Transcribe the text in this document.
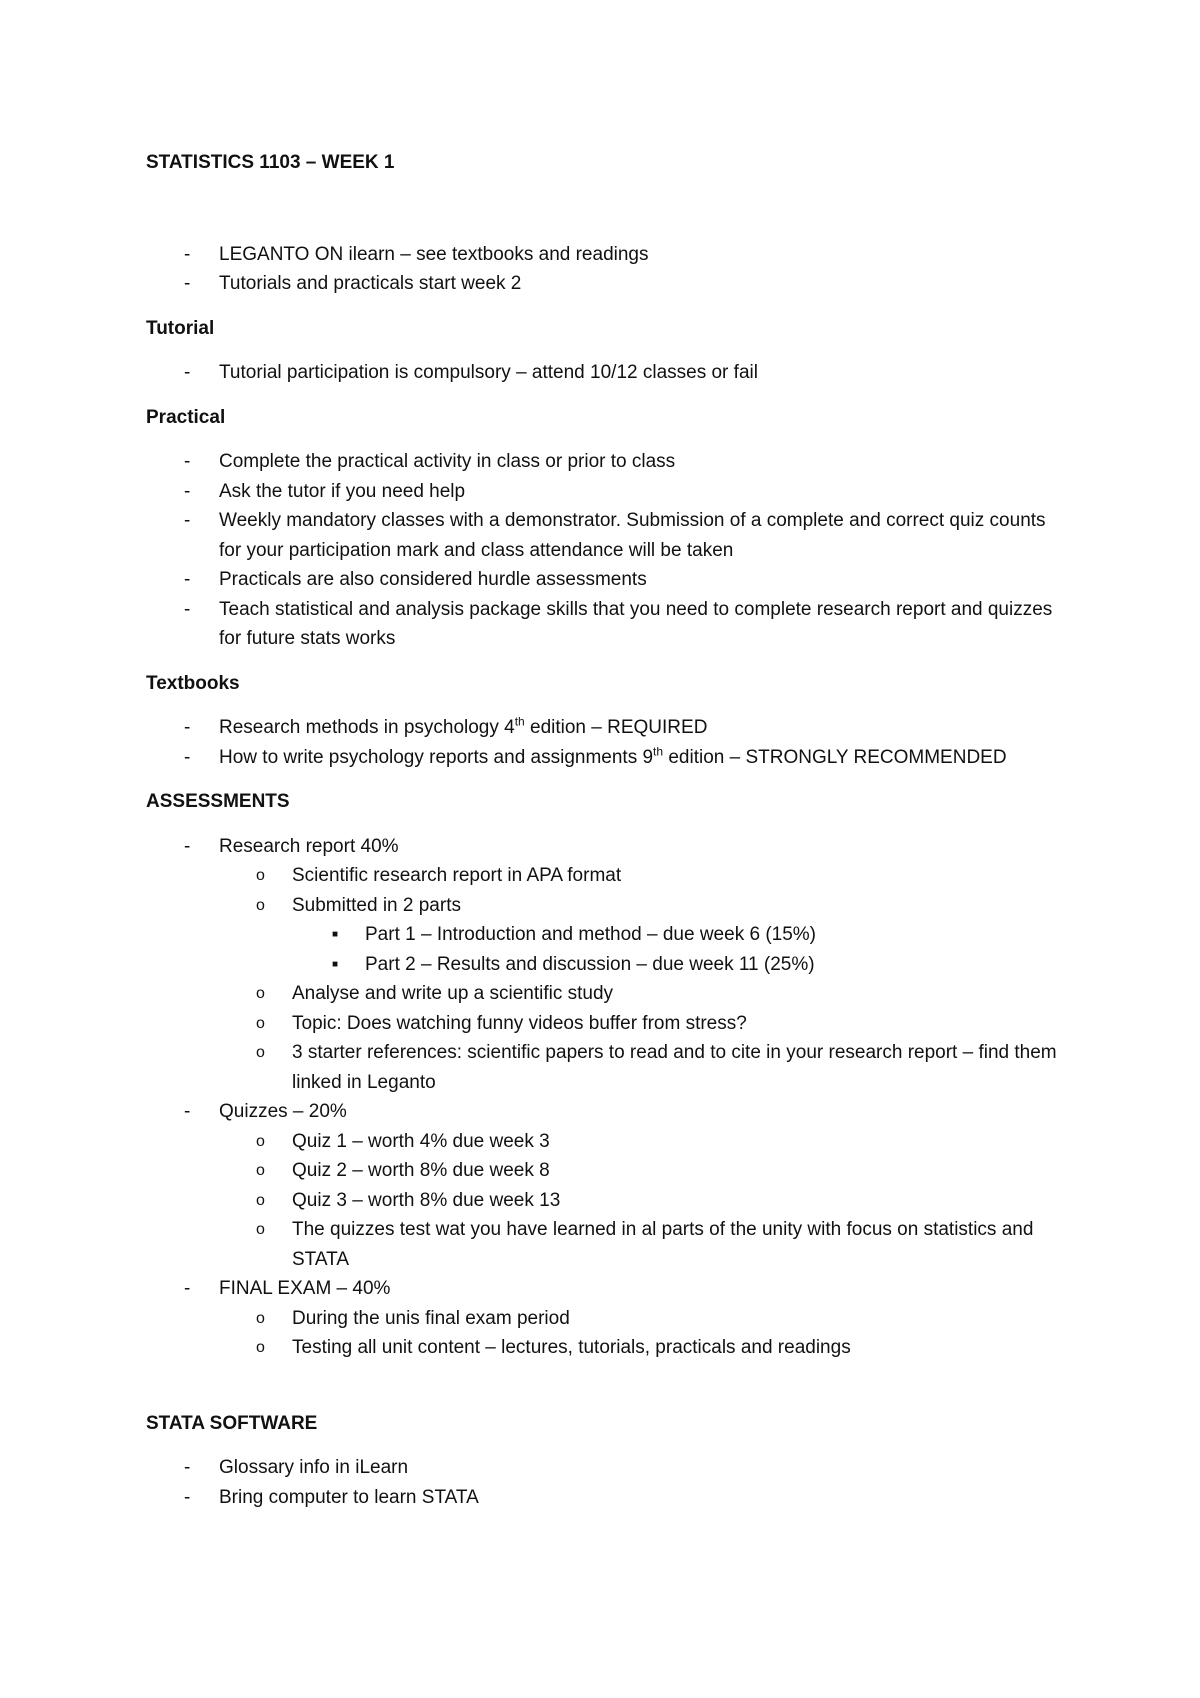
STATISTICS 1103 – WEEK 1
- LEGANTO ON ilearn – see textbooks and readings
- Tutorials and practicals start week 2
Tutorial
- Tutorial participation is compulsory – attend 10/12 classes or fail
Practical
- Complete the practical activity in class or prior to class
- Ask the tutor if you need help
- Weekly mandatory classes with a demonstrator. Submission of a complete and correct quiz counts for your participation mark and class attendance will be taken
- Practicals are also considered hurdle assessments
- Teach statistical and analysis package skills that you need to complete research report and quizzes for future stats works
Textbooks
- Research methods in psychology 4th edition – REQUIRED
- How to write psychology reports and assignments 9th edition – STRONGLY RECOMMENDED
ASSESSMENTS
- Research report 40%
o Scientific research report in APA format
o Submitted in 2 parts
■ Part 1 – Introduction and method – due week 6 (15%)
■ Part 2 – Results and discussion – due week 11 (25%)
o Analyse and write up a scientific study
o Topic: Does watching funny videos buffer from stress?
o 3 starter references: scientific papers to read and to cite in your research report – find them linked in Leganto
- Quizzes – 20%
o Quiz 1 – worth 4% due week 3
o Quiz 2 – worth 8% due week 8
o Quiz 3 – worth 8% due week 13
o The quizzes test wat you have learned in al parts of the unity with focus on statistics and STATA
- FINAL EXAM – 40%
o During the unis final exam period
o Testing all unit content – lectures, tutorials, practicals and readings
STATA SOFTWARE
- Glossary info in iLearn
- Bring computer to learn STATA
